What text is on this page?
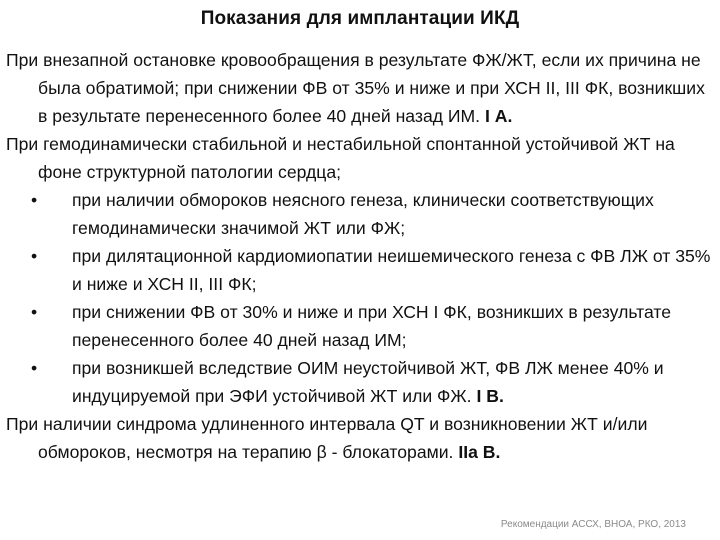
Показания для имплантации ИКД

При внезапной остановке кровообращения в результате ФЖ/ЖТ, если их причина не была обратимой; при снижении ФВ от 35% и ниже и при ХСН II, III ФК, возникших в результате перенесенного более 40 дней назад ИМ. I А.

При гемодинамически стабильной и нестабильной спонтанной устойчивой ЖТ на фоне структурной патологии сердца;

• при наличии обмороков неясного генеза, клинически соответствующих гемодинамически значимой ЖТ или ФЖ;
• при дилятационной кардиомиопатии неишемического генеза с ФВ ЛЖ от 35% и ниже и ХСН II, III ФК;
• при снижении ФВ от 30% и ниже и при ХСН I ФК, возникших в результате перенесенного более 40 дней назад ИМ;
• при возникшей вследствие ОИМ неустойчивой ЖТ, ФВ ЛЖ менее 40% и индуцируемой при ЭФИ устойчивой ЖТ или ФЖ. I В.

При наличии синдрома удлиненного интервала QT и возникновении ЖТ и/или обмороков, несмотря на терапию β - блокаторами. IIа В.

Рекомендации АССХ, ВНОА, РКО, 2013
